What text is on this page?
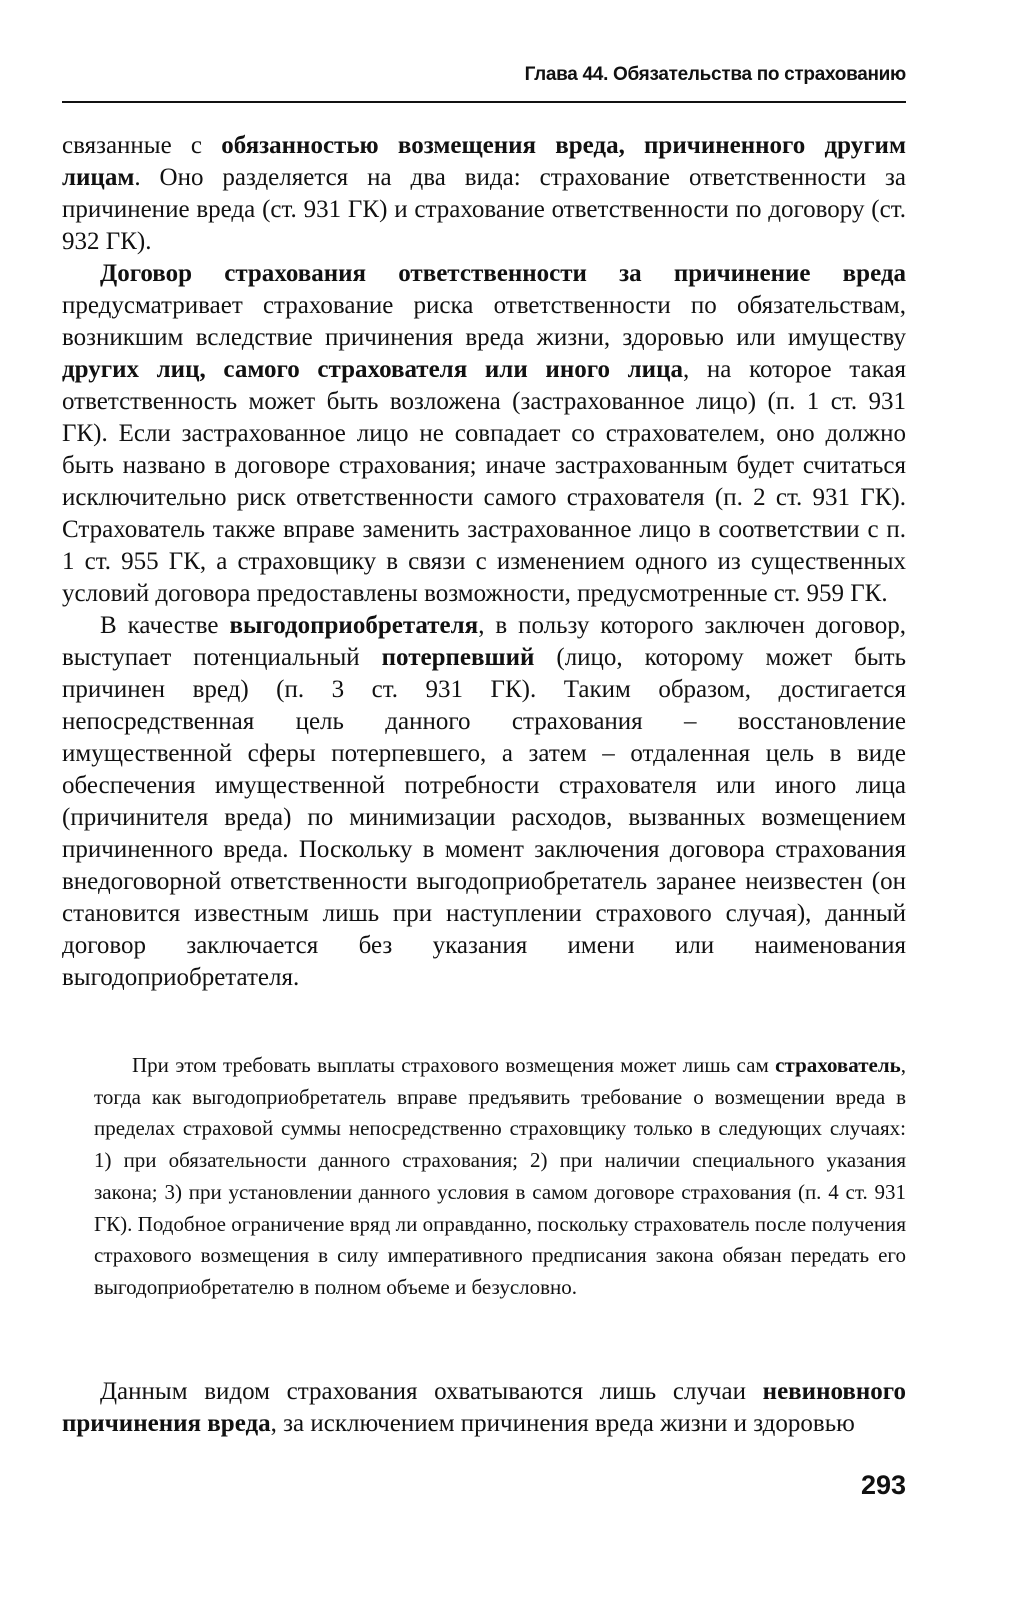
Глава 44. Обязательства по страхованию

связанные с обязанностью возмещения вреда, причиненного другим лицам. Оно разделяется на два вида: страхование ответственности за причинение вреда (ст. 931 ГК) и страхование ответственности по договору (ст. 932 ГК).

Договор страхования ответственности за причинение вреда предусматривает страхование риска ответственности по обязательствам, возникшим вследствие причинения вреда жизни, здоровью или имуществу других лиц, самого страхователя или иного лица, на которое такая ответственность может быть возложена (застрахованное лицо) (п. 1 ст. 931 ГК). Если застрахованное лицо не совпадает со страхователем, оно должно быть названо в договоре страхования; иначе застрахованным будет считаться исключительно риск ответственности самого страхователя (п. 2 ст. 931 ГК). Страхователь также вправе заменить застрахованное лицо в соответствии с п. 1 ст. 955 ГК, а страховщику в связи с изменением одного из существенных условий договора предоставлены возможности, предусмотренные ст. 959 ГК.

В качестве выгодоприобретателя, в пользу которого заключен договор, выступает потенциальный потерпевший (лицо, которому может быть причинен вред) (п. 3 ст. 931 ГК). Таким образом, достигается непосредственная цель данного страхования – восстановление имущественной сферы потерпевшего, а затем – отдаленная цель в виде обеспечения имущественной потребности страхователя или иного лица (причинителя вреда) по минимизации расходов, вызванных возмещением причиненного вреда. Поскольку в момент заключения договора страхования внедоговорной ответственности выгодоприобретатель заранее неизвестен (он становится известным лишь при наступлении страхового случая), данный договор заключается без указания имени или наименования выгодоприобретателя.

При этом требовать выплаты страхового возмещения может лишь сам страхователь, тогда как выгодоприобретатель вправе предъявить требование о возмещении вреда в пределах страховой суммы непосредственно страховщику только в следующих случаях: 1) при обязательности данного страхования; 2) при наличии специального указания закона; 3) при установлении данного условия в самом договоре страхования (п. 4 ст. 931 ГК). Подобное ограничение вряд ли оправданно, поскольку страхователь после получения страхового возмещения в силу императивного предписания закона обязан передать его выгодоприобретателю в полном объеме и безусловно.

Данным видом страхования охватываются лишь случаи невиновного причинения вреда, за исключением причинения вреда жизни и здоровью

293
